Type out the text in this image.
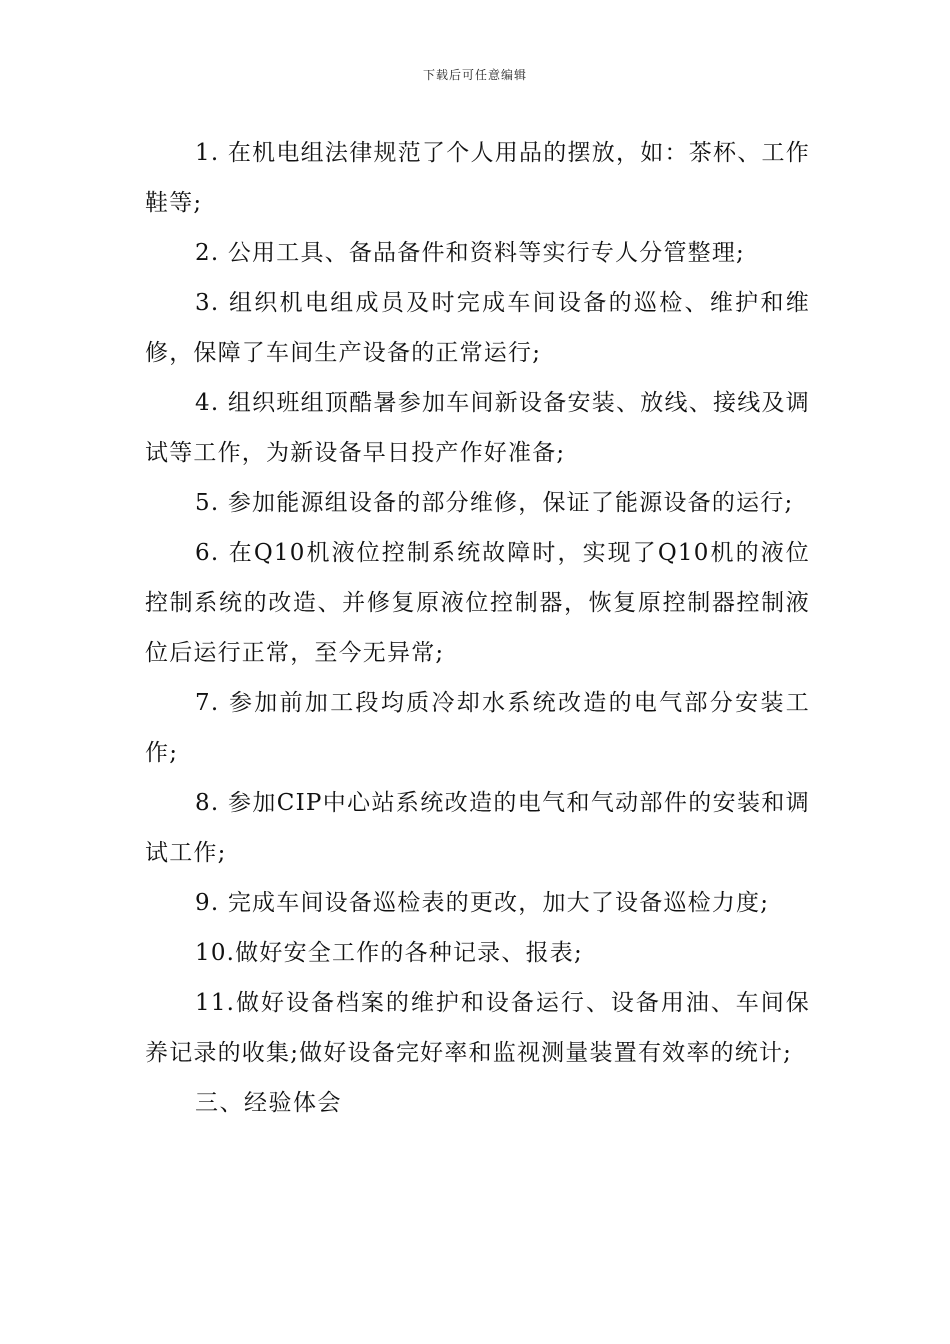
下载后可任意编辑

1. 在机电组法律规范了个人用品的摆放，如：茶杯、工作鞋等;

2. 公用工具、备品备件和资料等实行专人分管整理;

3. 组织机电组成员及时完成车间设备的巡检、维护和维修，保障了车间生产设备的正常运行;

4. 组织班组顶酷暑参加车间新设备安装、放线、接线及调试等工作，为新设备早日投产作好准备;

5. 参加能源组设备的部分维修，保证了能源设备的运行;

6. 在Q10机液位控制系统故障时，实现了Q10机的液位控制系统的改造、并修复原液位控制器，恢复原控制器控制液位后运行正常，至今无异常;

7. 参加前加工段均质冷却水系统改造的电气部分安装工作;

8. 参加CIP中心站系统改造的电气和气动部件的安装和调试工作;

9. 完成车间设备巡检表的更改，加大了设备巡检力度;

10.做好安全工作的各种记录、报表;

11.做好设备档案的维护和设备运行、设备用油、车间保养记录的收集;做好设备完好率和监视测量装置有效率的统计;

三、经验体会
